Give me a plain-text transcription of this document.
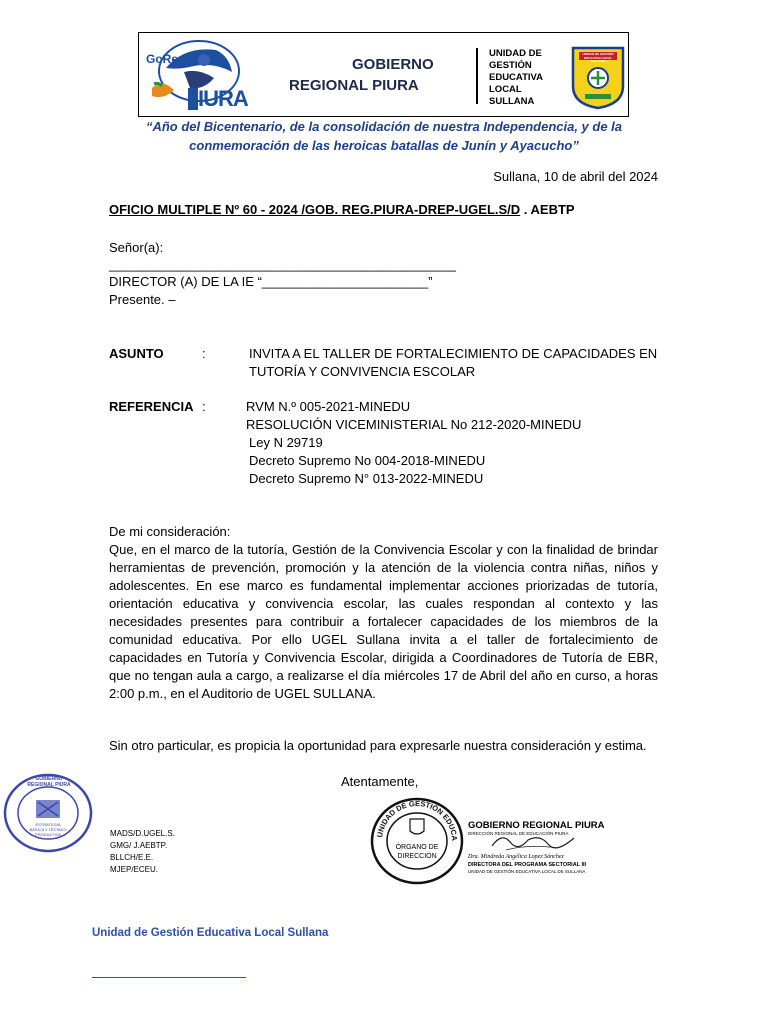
GoRe
IURA
GOBIERNO
REGIONAL PIURA
UNIDAD DE
GESTIÓN
EDUCATIVA
LOCAL
SULLANA
UNIDAD DE GESTIÓN EDUCATIVA LOCAL SULLANA
“Año del Bicentenario, de la consolidación de nuestra Independencia, y de la
conmemoración de las heroicas batallas de Junín y Ayacucho”
Sullana, 10 de abril del 2024
OFICIO MULTIPLE Nº 60 - 2024 /GOB. REG.PIURA-DREP-UGEL.S/D . AEBTP
Señor(a):
________________________________________________
DIRECTOR (A) DE LA IE “_______________________”
Presente. –
ASUNTO	:	INVITA A EL TALLER DE FORTALECIMIENTO DE CAPACIDADES EN
TUTORÍA Y CONVIVENCIA ESCOLAR
REFERENCIA :	RVM N.º 005-2021-MINEDU
RESOLUCIÓN VICEMINISTERIAL No 212-2020-MINEDU
Ley N 29719
Decreto Supremo No 004-2018-MINEDU
Decreto Supremo N° 013-2022-MINEDU
De mi consideración:
Que, en el marco de la tutoría, Gestión de la Convivencia Escolar y con la finalidad de brindar herramientas de prevención, promoción y la atención de la violencia contra niñas, niños y adolescentes. En ese marco es fundamental implementar acciones priorizadas de tutoría, orientación educativa y convivencia escolar, las cuales respondan al contexto y las necesidades presentes para contribuir a fortalecer capacidades de los miembros de la comunidad educativa. Por ello UGEL Sullana invita a el taller de fortalecimiento de capacidades en Tutoría y Convivencia Escolar, dirigida a Coordinadores de Tutoría de EBR, que no tengan aula a cargo, a realizarse el día miércoles 17 de Abril del año en curso, a horas 2:00 p.m., en el Auditorio de UGEL SULLANA.
Sin otro particular, es propicia la oportunidad para expresarle nuestra consideración y estima.
Atentamente,
GOBIERNO REGIONAL PIURA
ESTRATEGIA BÁSICA Y TÉCNICO PRODUCTIVA	MADS/D.UGEL.S.
GMG/ J.AEBTP.
BLLCH/E.E.
MJEP/ECEU.
UNIDAD DE GESTIÓN EDUCA
ÓRGANO DE
DIRECCIÓN
GOBIERNO REGIONAL PIURA
DIRECCIÓN REGIONAL DE EDUCACIÓN PIURA
Dra. Mindreda Angélica Lopez Sánchez
DIRECTORA DEL PROGRAMA SECTORIAL III
UNIDAD DE GESTIÓN EDUCATIVA LOCAL DE SULLANA
Unidad de Gestión Educativa Local Sullana
